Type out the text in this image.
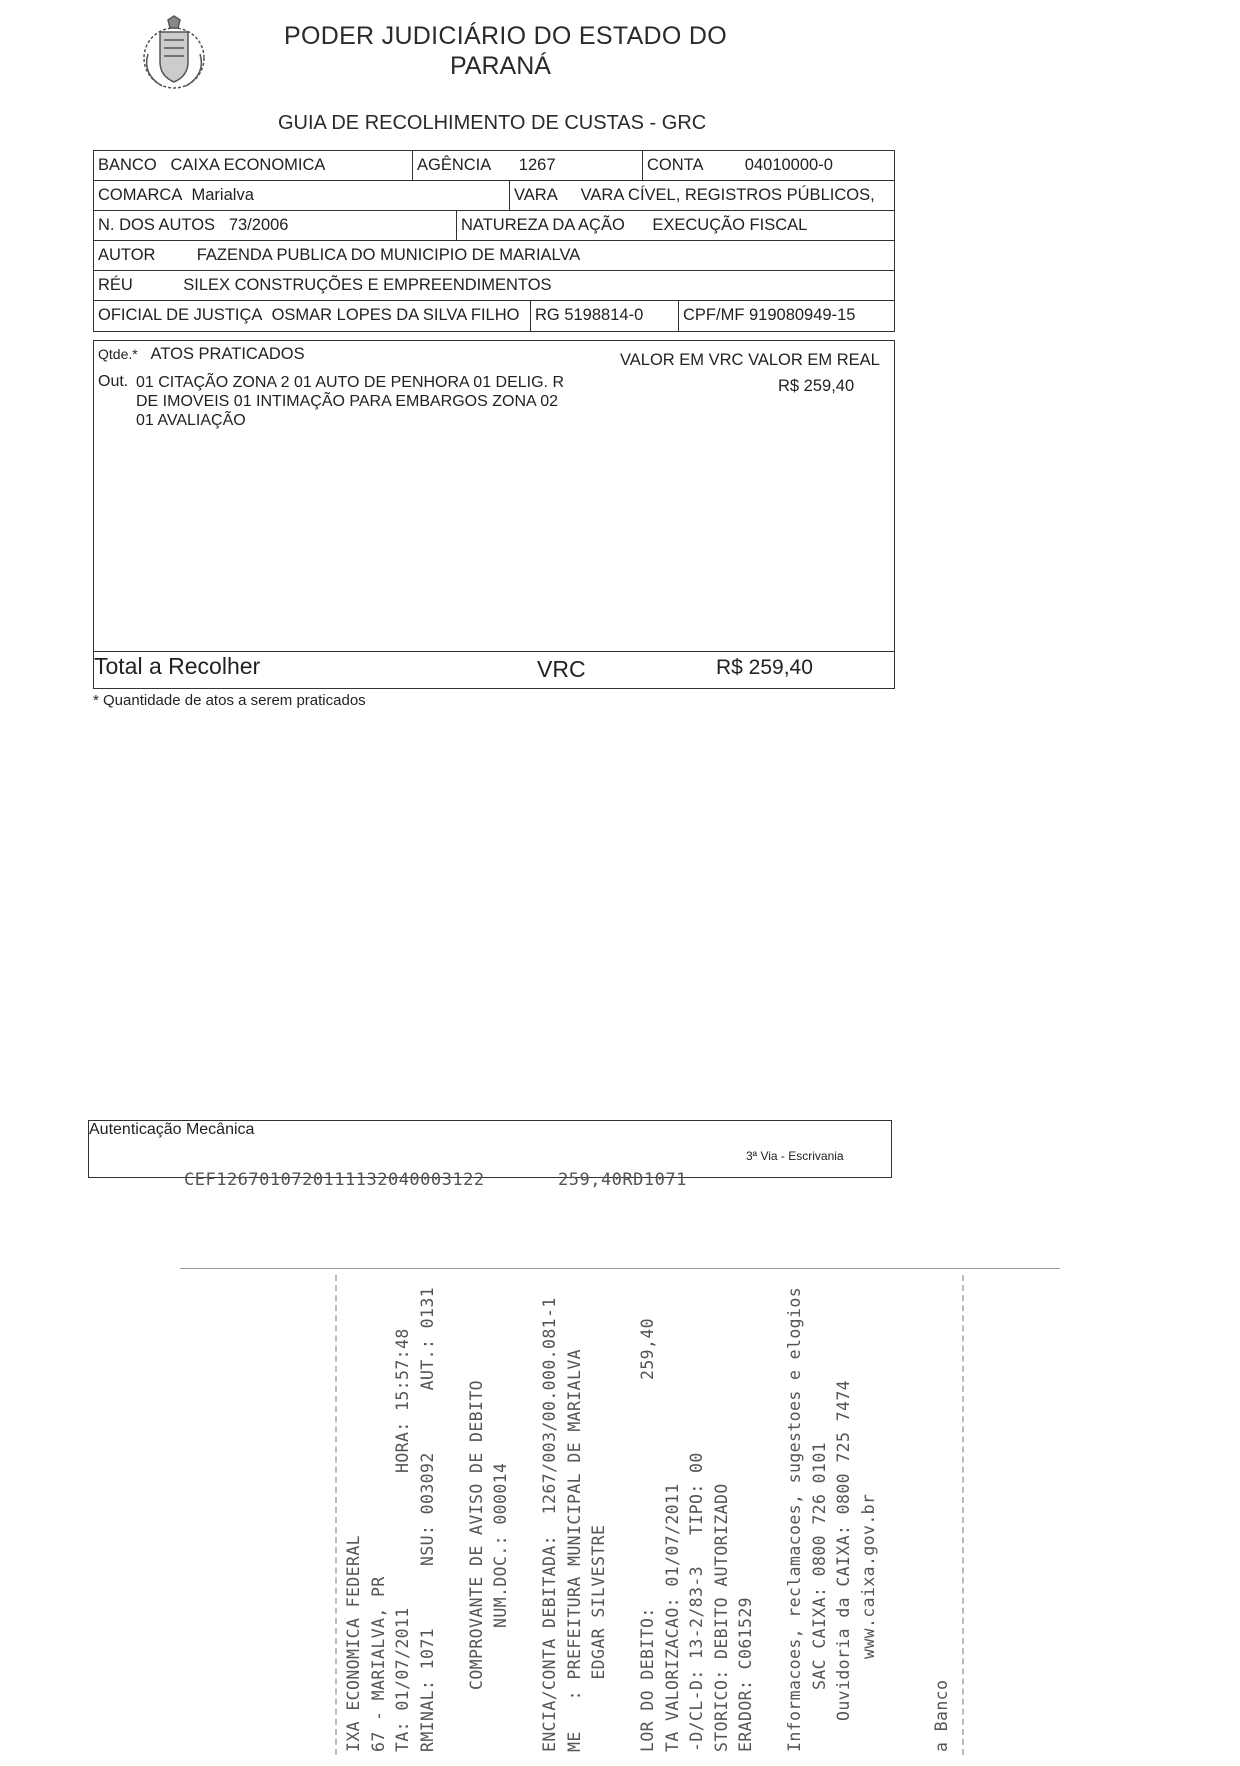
PODER JUDICIÁRIO DO ESTADO DO
PARANÁ
GUIA DE RECOLHIMENTO DE CUSTAS - GRC
BANCO CAIXA ECONOMICA	AGÊNCIA 1267	CONTA	04010000-0
COMARCA Marialva	VARA VARA CÍVEL, REGISTROS PÚBLICOS,
N. DOS AUTOS 73/2006	NATUREZA DA AÇÃO EXECUÇÃO FISCAL
AUTOR	FAZENDA PUBLICA DO MUNICIPIO DE MARIALVA
RÉU	SILEX CONSTRUÇÕES E EMPREENDIMENTOS
OFICIAL DE JUSTIÇA OSMAR LOPES DA SILVA FILHO RG 5198814-0	CPF/MF 919080949-15
Qtde.* ATOS PRATICADOS	VALOR EM VRC VALOR EM REAL
Out. 01 CITAÇÃO ZONA 2 01 AUTO DE PENHORA 01 DELIG. R
DE IMOVEIS 01 INTIMAÇÃO PARA EMBARGOS ZONA 02
01 AVALIAÇÃO
R$ 259,40
Total a Recolher	VRC	R$ 259,40
* Quantidade de atos a serem praticados
Autenticação Mecânica
3ª Via - Escrivania
CEF1267010720111132040003122	259,40RD1071
IXA ECONOMICA FEDERAL 67 - MARIALVA, PR TA: 01/07/2011             HORA: 15:57:48 RMINAL: 1071      NSU: 003092      AUT.: 0131 COMPROVANTE DE AVISO DE DEBITO NUM.DOC.: 000014 ENCIA/CONTA DEBITADA:  1267/003/00.000.081-1 ME   : PREFEITURA MUNICIPAL DE MARIALVA EDGAR SILVESTRE LOR DO DEBITO:                      259,40 TA VALORIZACAO: 01/07/2011 -D/CL-D: 13-2/83-3   TIPO: 00 STORICO: DEBITO AUTORIZADO ERADOR: C061529 Informacoes, reclamacoes, sugestoes e elogios SAC CAIXA: 0800 726 0101 Ouvidoria da CAIXA: 0800 725 7474 www.caixa.gov.br	a Banco
